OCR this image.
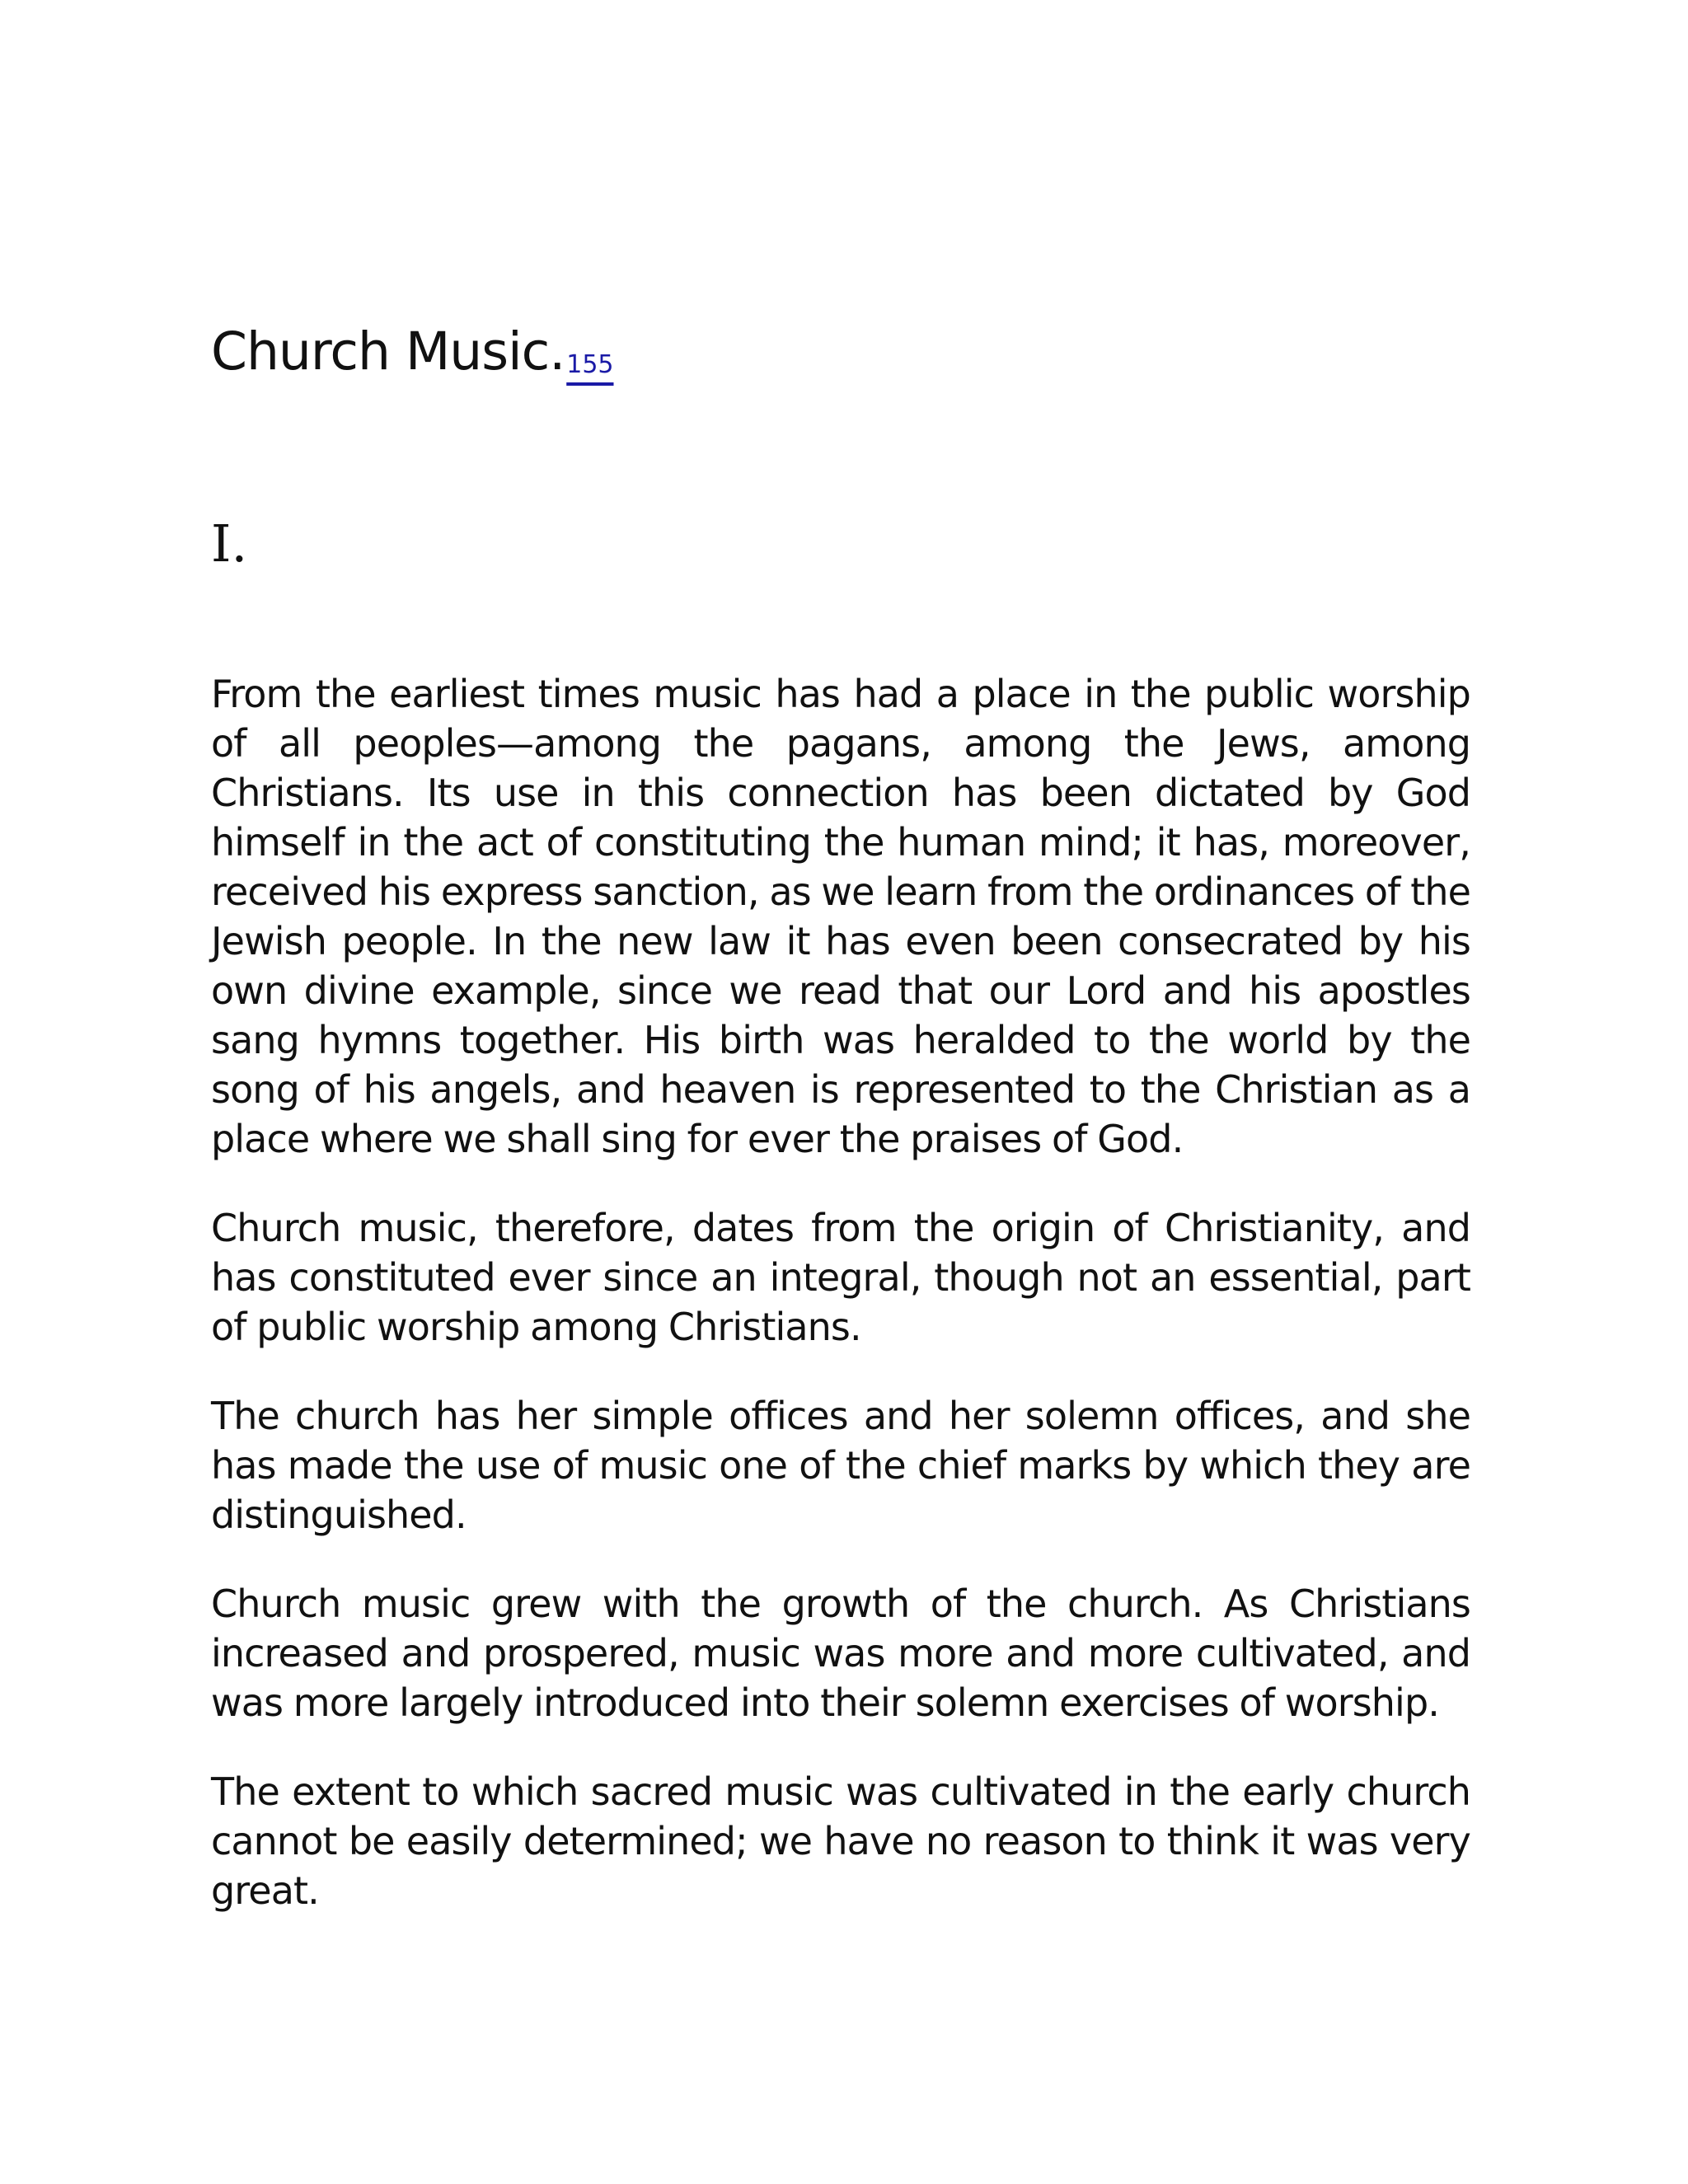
Church Music.$^{155}$
I.

From the earliest times music has had a place in the public worship of all peoples—among the pagans, among the Jews, among Christians. Its use in this connection has been dictated by God himself in the act of constituting the human mind; it has, moreover, received his express sanction, as we learn from the ordinances of the Jewish people. In the new law it has even been consecrated by his own divine example, since we read that our Lord and his apostles sang hymns together. His birth was heralded to the world by the song of his angels, and heaven is represented to the Christian as a place where we shall sing for ever the praises of God.

Church music, therefore, dates from the origin of Christianity, and has constituted ever since an integral, though not an essential, part of public worship among Christians.

The church has her simple offices and her solemn offices, and she has made the use of music one of the chief marks by which they are distinguished.

Church music grew with the growth of the church. As Christians increased and prospered, music was more and more cultivated, and was more largely introduced into their solemn exercises of worship.

The extent to which sacred music was cultivated in the early church cannot be easily determined; we have no reason to think it was very great.
